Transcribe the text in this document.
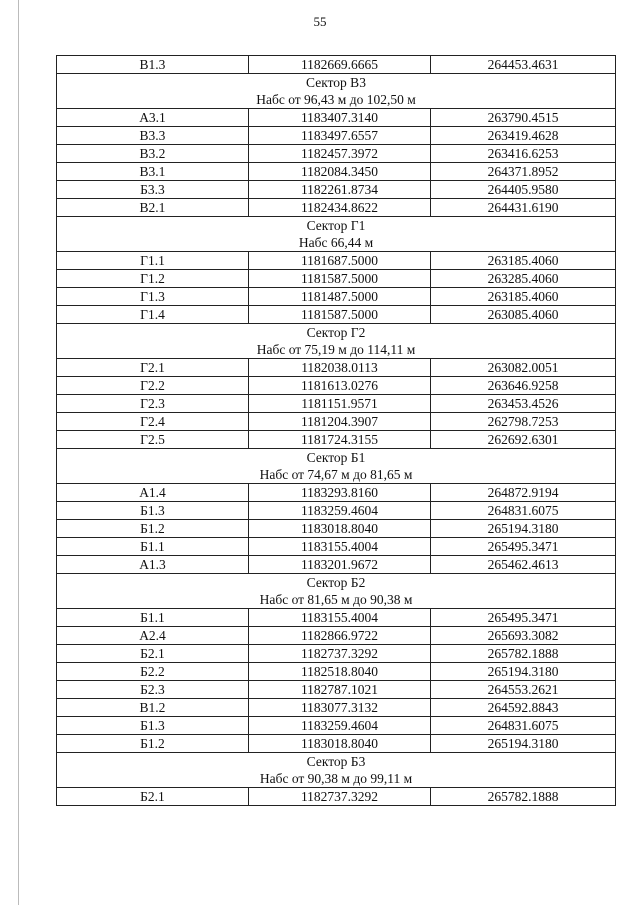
55
В1.3	1182669.6665	264453.4631

Сектор В3
Набс от 96,43 м до 102,50 м		

А3.1	1183407.3140	263790.4515
В3.3	1183497.6557	263419.4628
В3.2	1182457.3972	263416.6253
В3.1	1182084.3450	264371.8952
Б3.3	1182261.8734	264405.9580
В2.1	1182434.8622	264431.6190

Сектор Г1
Набс 66,44 м		

Г1.1	1181687.5000	263185.4060
Г1.2	1181587.5000	263285.4060
Г1.3	1181487.5000	263185.4060
Г1.4	1181587.5000	263085.4060

Сектор Г2
Набс от 75,19 м до 114,11 м		

Г2.1	1182038.0113	263082.0051
Г2.2	1181613.0276	263646.9258
Г2.3	1181151.9571	263453.4526
Г2.4	1181204.3907	262798.7253
Г2.5	1181724.3155	262692.6301

Сектор Б1
Набс от 74,67 м до 81,65 м		

А1.4	1183293.8160	264872.9194
Б1.3	1183259.4604	264831.6075
Б1.2	1183018.8040	265194.3180
Б1.1	1183155.4004	265495.3471
А1.3	1183201.9672	265462.4613

Сектор Б2
Набс от 81,65 м до 90,38 м		

Б1.1	1183155.4004	265495.3471
А2.4	1182866.9722	265693.3082
Б2.1	1182737.3292	265782.1888
Б2.2	1182518.8040	265194.3180
Б2.3	1182787.1021	264553.2621
В1.2	1183077.3132	264592.8843
Б1.3	1183259.4604	264831.6075
Б1.2	1183018.8040	265194.3180

Сектор Б3
Набс от 90,38 м до 99,11 м		

Б2.1	1182737.3292	265782.1888
